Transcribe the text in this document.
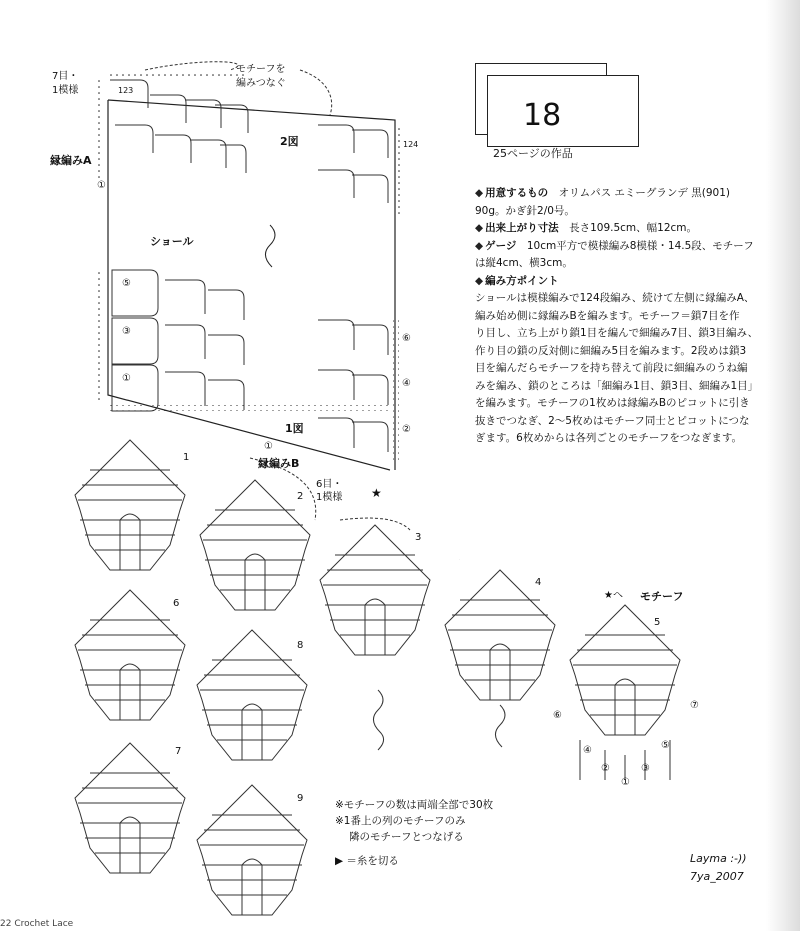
18
25ページの作品
◆ 用意するもの　 オリムパス エミーグランデ 黒(901)
90g。かぎ針2/0号。
◆ 出来上がり寸法　 長さ109.5cm、幅12cm。
◆ ゲージ　 10cm平方で模様編み8模様・14.5段、モチーフ
は縦4cm、横3cm。
◆ 編み方ポイント
ショールは模様編みで124段編み、続けて左側に縁編みA、
編み始め側に縁編みBを編みます。モチーフ＝鎖7目を作
り目し、立ち上がり鎖1目を編んで細編み7目、鎖3目編み、
作り目の鎖の反対側に細編み5目を編みます。2段めは鎖3
目を編んだらモチーフを持ち替えて前段に細編みのうね編
みを編み、鎖のところは「細編み1目、鎖3目、細編み1目」
を編みます。モチーフの1枚めは縁編みBのピコットに引き
抜きでつなぎ、2〜5枚めはモチーフ同士とピコットにつな
ぎます。6枚めからは各列ごとのモチーフをつなぎます。
7目・
1模様
モチーフを
編みつなぐ
縁編みA
ショール
2図
1図
123
124
縁編みB
6目・
1模様
モチーフ
★へ
1
2
3
4
5
6
7
8
9
①
⑤
③
①
⑥
④
②
①
⑥
⑦
④	⑤
②	③
①
★
※モチーフの数は両端全部で30枚
※1番上の列のモチーフのみ
隣のモチーフとつなげる
▶ ＝糸を切る	Layma :-))
7ya_2007
22 Crochet Lace
